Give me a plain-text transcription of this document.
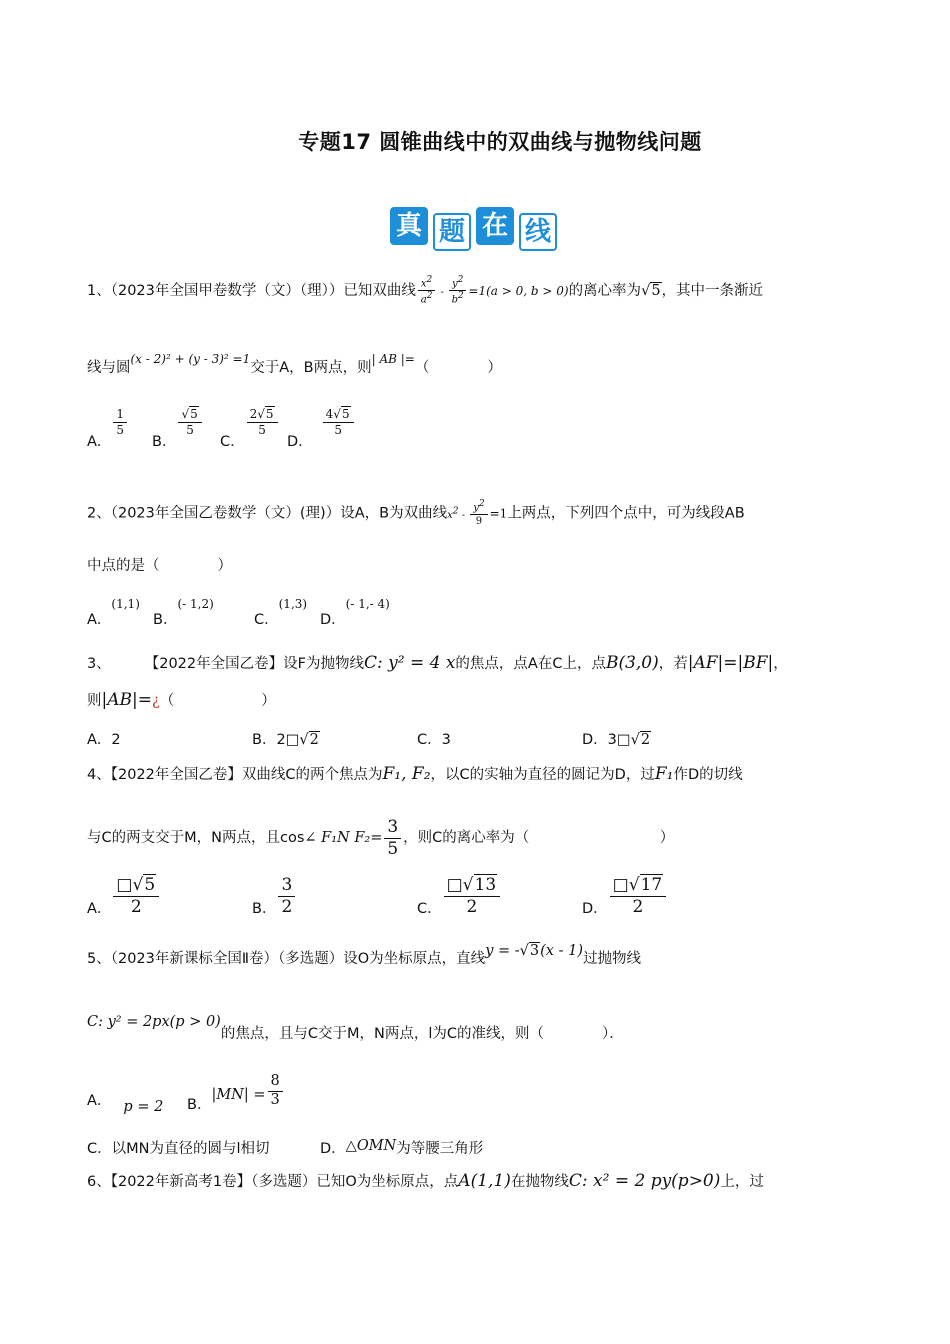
专题17 圆锥曲线中的双曲线与抛物线问题
真 题 在 线
1、（2023年全国甲卷数学（文）（理））已知双曲线 $\frac{x2}{a2} - \frac{y2}{b2} =1(a > 0$, b > 0)的离心率为√5，其中一条渐近
线与圆(x - 2)² + (y - 3)² =1交于A，B两点，则| AB |=（　　　　）
A．
$\frac{1}{5}$
B．
$\frac{√5}{5}$
C．
$\frac{2√5}{5}$
D．
$\frac{4√5}{5}$
2、（2023年全国乙卷数学（文）(理)）设A，B为双曲线$x2 - \frac{y2}{9} =1$上两点，下列四个点中，可为线段AB
中点的是（　　　　）
A．(1,1)
B．(- 1,2)
C．(1,3)
D．(- 1,- 4)
3、 【2022年全国乙卷】设F为抛物线C: y² = 4 x的焦点，点A在C上，点B(3,0)，若|AF|=|BF|，
则|AB|=¿（　　　　　　）
A．2	B．2□√2	C．3	D．3□√2
4、【2022年全国乙卷】双曲线C的两个焦点为F₁, F₂，以C的实轴为直径的圆记为D，过F₁作D的切线
与C的两支交于M，N两点，且cos∠ F₁N $F_2= \frac{3}{5}$ ，则C的离心率为（　　　　　　　　　）
A． $\frac{□√5}{2}$	B． $\frac{3}{2}$	C． $\frac{□√13}{2}$	D． $\frac{□√17}{2}$
5、（2023年新课标全国Ⅱ卷）（多选题）设O为坐标原点，直线y = -√3(x - 1)过抛物线
C: y² = 2px(p > 0)的焦点，且与C交于M，N两点，l为C的准线，则（　　　　）．
A． p = 2 B．$|MN| = \frac{8}{3}$
C．以MN为直径的圆与l相切	D．△OMN为等腰三角形
6、【2022年新高考1卷】（多选题）已知O为坐标原点，点A(1,1)在抛物线C: x² = 2 py(p>0)上，过
